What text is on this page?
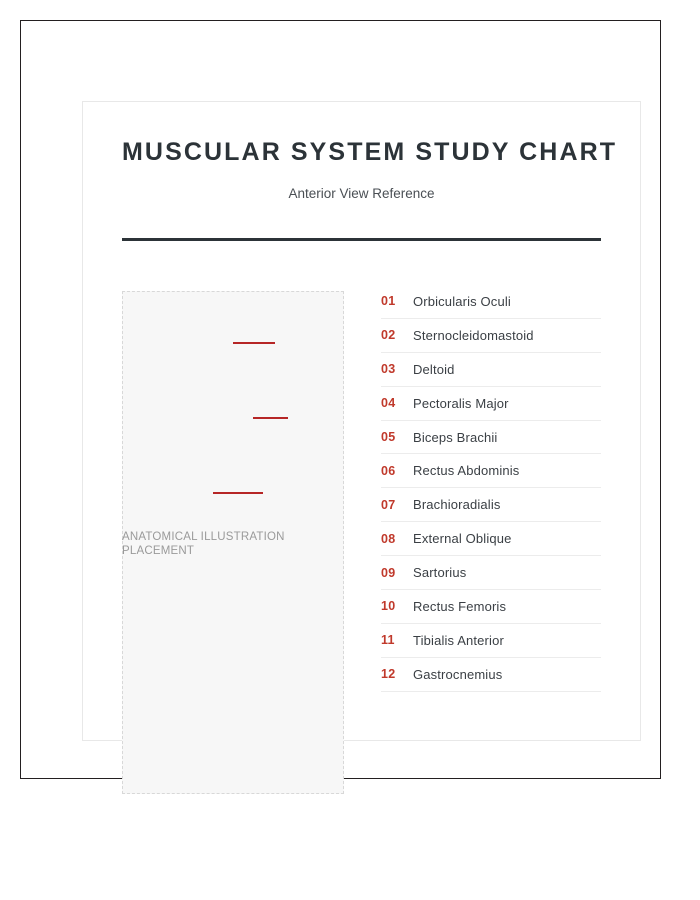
MUSCULAR SYSTEM STUDY CHART
Anterior View Reference
ANATOMICAL ILLUSTRATION PLACEMENT
01	Orbicularis Oculi
02	Sternocleidomastoid
03	Deltoid
04	Pectoralis Major
05	Biceps Brachii
06	Rectus Abdominis
07	Brachioradialis
08	External Oblique
09	Sartorius
10	Rectus Femoris
11	Tibialis Anterior
12	Gastrocnemius
